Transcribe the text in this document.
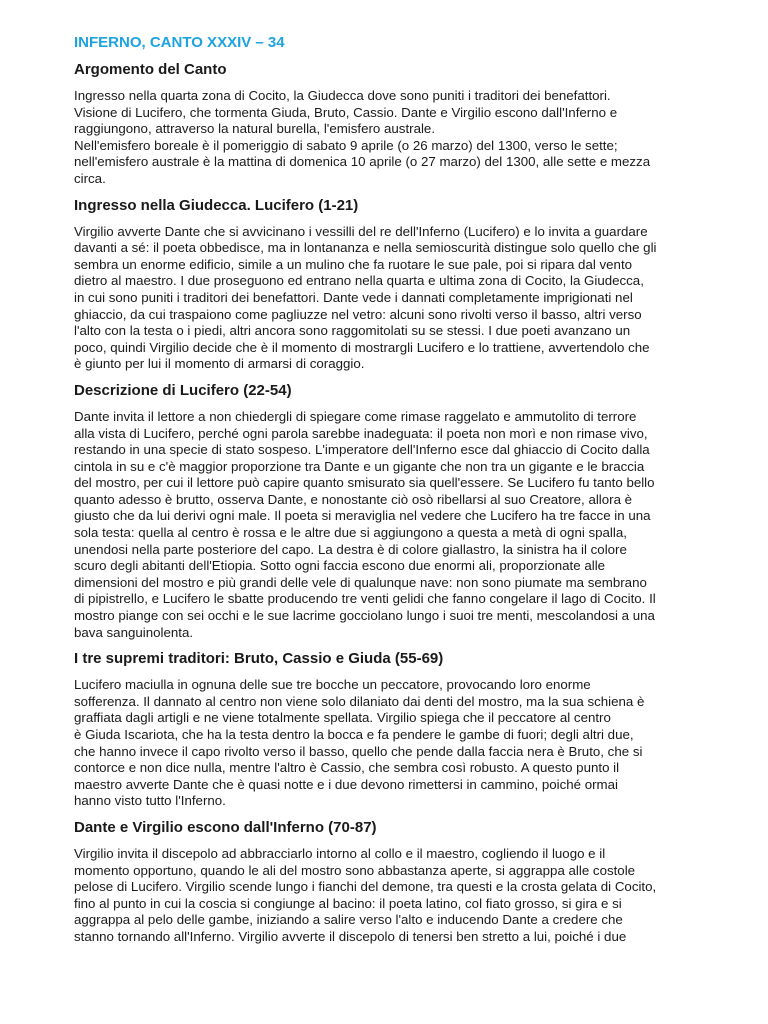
INFERNO, CANTO XXXIV – 34
Argomento del Canto

Ingresso nella quarta zona di Cocito, la Giudecca dove sono puniti i traditori dei benefattori.
Visione di Lucifero, che tormenta Giuda, Bruto, Cassio. Dante e Virgilio escono dall'Inferno e
raggiungono, attraverso la natural burella, l'emisfero australe.
Nell'emisfero boreale è il pomeriggio di sabato 9 aprile (o 26 marzo) del 1300, verso le sette;
nell'emisfero australe è la mattina di domenica 10 aprile (o 27 marzo) del 1300, alle sette e mezza
circa.

Ingresso nella Giudecca. Lucifero (1-21)

Virgilio avverte Dante che si avvicinano i vessilli del re dell'Inferno (Lucifero) e lo invita a guardare
davanti a sé: il poeta obbedisce, ma in lontananza e nella semioscurità distingue solo quello che gli
sembra un enorme edificio, simile a un mulino che fa ruotare le sue pale, poi si ripara dal vento
dietro al maestro. I due proseguono ed entrano nella quarta e ultima zona di Cocito, la Giudecca,
in cui sono puniti i traditori dei benefattori. Dante vede i dannati completamente imprigionati nel
ghiaccio, da cui traspaiono come pagliuzze nel vetro: alcuni sono rivolti verso il basso, altri verso
l'alto con la testa o i piedi, altri ancora sono raggomitolati su se stessi. I due poeti avanzano un
poco, quindi Virgilio decide che è il momento di mostrargli Lucifero e lo trattiene, avvertendolo che
è giunto per lui il momento di armarsi di coraggio.

Descrizione di Lucifero (22-54)

Dante invita il lettore a non chiedergli di spiegare come rimase raggelato e ammutolito di terrore
alla vista di Lucifero, perché ogni parola sarebbe inadeguata: il poeta non morì e non rimase vivo,
restando in una specie di stato sospeso. L'imperatore dell'Inferno esce dal ghiaccio di Cocito dalla
cintola in su e c'è maggior proporzione tra Dante e un gigante che non tra un gigante e le braccia
del mostro, per cui il lettore può capire quanto smisurato sia quell'essere. Se Lucifero fu tanto bello
quanto adesso è brutto, osserva Dante, e nonostante ciò osò ribellarsi al suo Creatore, allora è
giusto che da lui derivi ogni male. Il poeta si meraviglia nel vedere che Lucifero ha tre facce in una
sola testa: quella al centro è rossa e le altre due si aggiungono a questa a metà di ogni spalla,
unendosi nella parte posteriore del capo. La destra è di colore giallastro, la sinistra ha il colore
scuro degli abitanti dell'Etiopia. Sotto ogni faccia escono due enormi ali, proporzionate alle
dimensioni del mostro e più grandi delle vele di qualunque nave: non sono piumate ma sembrano
di pipistrello, e Lucifero le sbatte producendo tre venti gelidi che fanno congelare il lago di Cocito. Il
mostro piange con sei occhi e le sue lacrime gocciolano lungo i suoi tre menti, mescolandosi a una
bava sanguinolenta.

I tre supremi traditori: Bruto, Cassio e Giuda (55-69)

Lucifero maciulla in ognuna delle sue tre bocche un peccatore, provocando loro enorme
sofferenza. Il dannato al centro non viene solo dilaniato dai denti del mostro, ma la sua schiena è
graffiata dagli artigli e ne viene totalmente spellata. Virgilio spiega che il peccatore al centro
è Giuda Iscariota, che ha la testa dentro la bocca e fa pendere le gambe di fuori; degli altri due,
che hanno invece il capo rivolto verso il basso, quello che pende dalla faccia nera è Bruto, che si
contorce e non dice nulla, mentre l'altro è Cassio, che sembra così robusto. A questo punto il
maestro avverte Dante che è quasi notte e i due devono rimettersi in cammino, poiché ormai
hanno visto tutto l'Inferno.

Dante e Virgilio escono dall'Inferno (70-87)

Virgilio invita il discepolo ad abbracciarlo intorno al collo e il maestro, cogliendo il luogo e il
momento opportuno, quando le ali del mostro sono abbastanza aperte, si aggrappa alle costole
pelose di Lucifero. Virgilio scende lungo i fianchi del demone, tra questi e la crosta gelata di Cocito,
fino al punto in cui la coscia si congiunge al bacino: il poeta latino, col fiato grosso, si gira e si
aggrappa al pelo delle gambe, iniziando a salire verso l'alto e inducendo Dante a credere che
stanno tornando all'Inferno. Virgilio avverte il discepolo di tenersi ben stretto a lui, poiché i due
